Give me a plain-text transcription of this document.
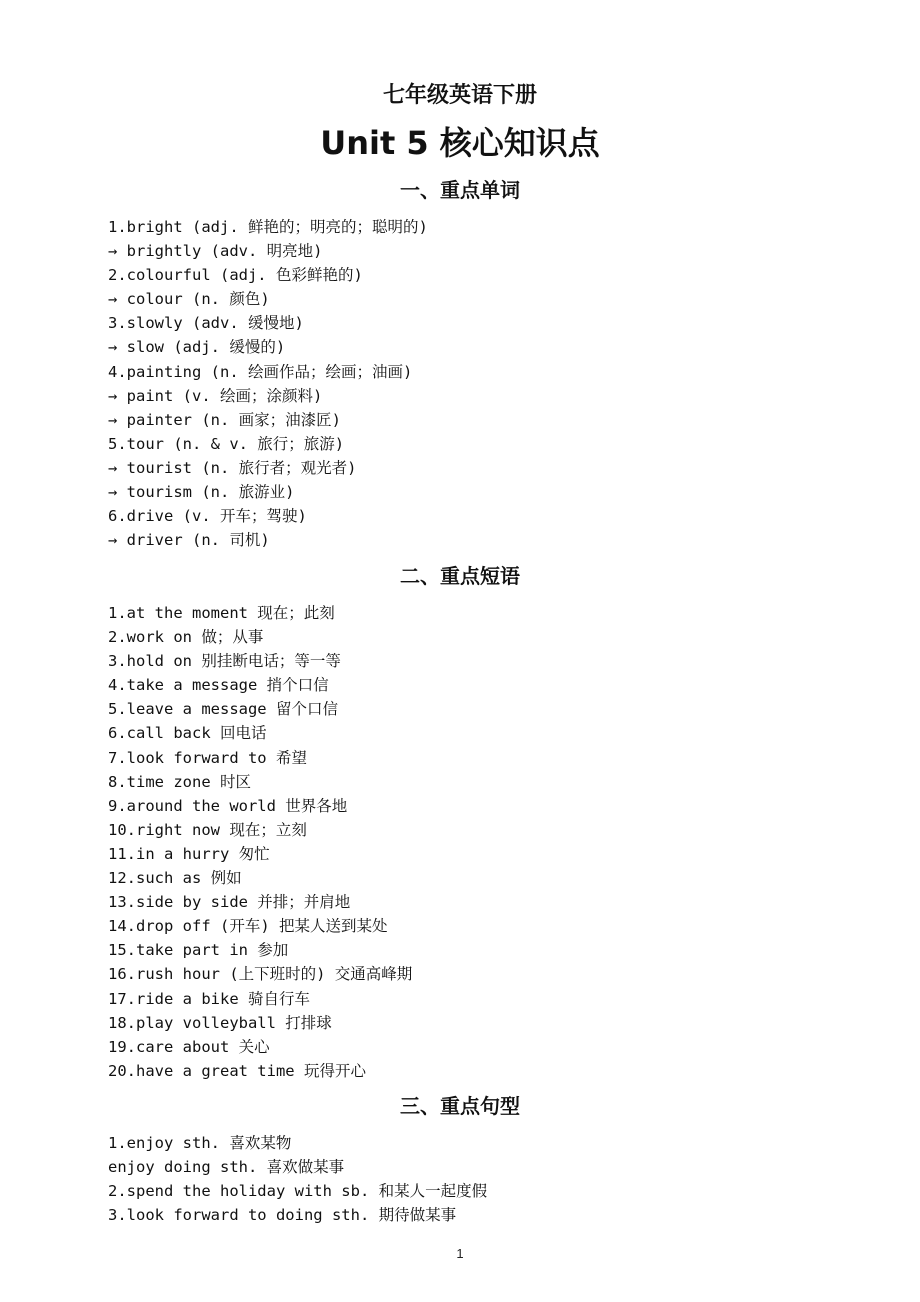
七年级英语下册
Unit 5 核心知识点
一、重点单词
1.bright (adj. 鲜艳的；明亮的；聪明的)
→ brightly (adv. 明亮地)
2.colourful (adj. 色彩鲜艳的)
→ colour (n. 颜色)
3.slowly (adv. 缓慢地)
→ slow (adj. 缓慢的)
4.painting (n. 绘画作品；绘画；油画)
→ paint (v. 绘画；涂颜料)
→ painter (n. 画家；油漆匠)
5.tour (n. & v. 旅行；旅游)
→ tourist (n. 旅行者；观光者)
→ tourism (n. 旅游业)
6.drive (v. 开车；驾驶)
→ driver (n. 司机)
二、重点短语
1.at the moment 现在；此刻
2.work on 做；从事
3.hold on 别挂断电话；等一等
4.take a message 捎个口信
5.leave a message 留个口信
6.call back 回电话
7.look forward to 希望
8.time zone 时区
9.around the world 世界各地
10.right now 现在；立刻
11.in a hurry 匆忙
12.such as 例如
13.side by side 并排；并肩地
14.drop off (开车) 把某人送到某处
15.take part in 参加
16.rush hour (上下班时的) 交通高峰期
17.ride a bike 骑自行车
18.play volleyball 打排球
19.care about 关心
20.have a great time 玩得开心
三、重点句型
1.enjoy sth. 喜欢某物
enjoy doing sth. 喜欢做某事
2.spend the holiday with sb. 和某人一起度假
3.look forward to doing sth. 期待做某事
1
